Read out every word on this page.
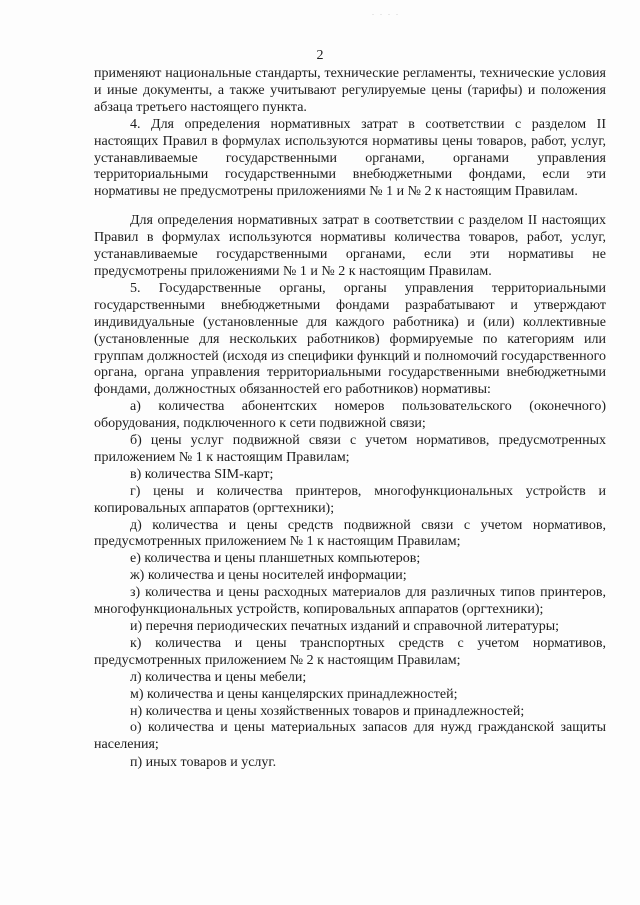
. . . .
2

применяют национальные стандарты, технические регламенты, технические условия и иные документы, а также учитывают регулируемые цены (тарифы) и положения абзаца третьего настоящего пункта.

4. Для определения нормативных затрат в соответствии с разделом II настоящих Правил в формулах используются нормативы цены товаров, работ, услуг, устанавливаемые государственными органами, органами управления территориальными государственными внебюджетными фондами, если эти нормативы не предусмотрены приложениями № 1 и № 2 к настоящим Правилам.

Для определения нормативных затрат в соответствии с разделом II настоящих Правил в формулах используются нормативы количества товаров, работ, услуг, устанавливаемые государственными органами, если эти нормативы не предусмотрены приложениями № 1 и № 2 к настоящим Правилам.

5. Государственные органы, органы управления территориальными государственными внебюджетными фондами разрабатывают и утверждают индивидуальные (установленные для каждого работника) и (или) коллективные (установленные для нескольких работников) формируемые по категориям или группам должностей (исходя из специфики функций и полномочий государственного органа, органа управления территориальными государственными внебюджетными фондами, должностных обязанностей его работников) нормативы:

а) количества абонентских номеров пользовательского (оконечного) оборудования, подключенного к сети подвижной связи;

б) цены услуг подвижной связи с учетом нормативов, предусмотренных приложением № 1 к настоящим Правилам;

в) количества SIM-карт;

г) цены и количества принтеров, многофункциональных устройств и копировальных аппаратов (оргтехники);

д) количества и цены средств подвижной связи с учетом нормативов, предусмотренных приложением № 1 к настоящим Правилам;

е) количества и цены планшетных компьютеров;

ж) количества и цены носителей информации;

з) количества и цены расходных материалов для различных типов принтеров, многофункциональных устройств, копировальных аппаратов (оргтехники);

и) перечня периодических печатных изданий и справочной литературы;

к) количества и цены транспортных средств с учетом нормативов, предусмотренных приложением № 2 к настоящим Правилам;

л) количества и цены мебели;

м) количества и цены канцелярских принадлежностей;

н) количества и цены хозяйственных товаров и принадлежностей;

о) количества и цены материальных запасов для нужд гражданской защиты населения;

п) иных товаров и услуг.
